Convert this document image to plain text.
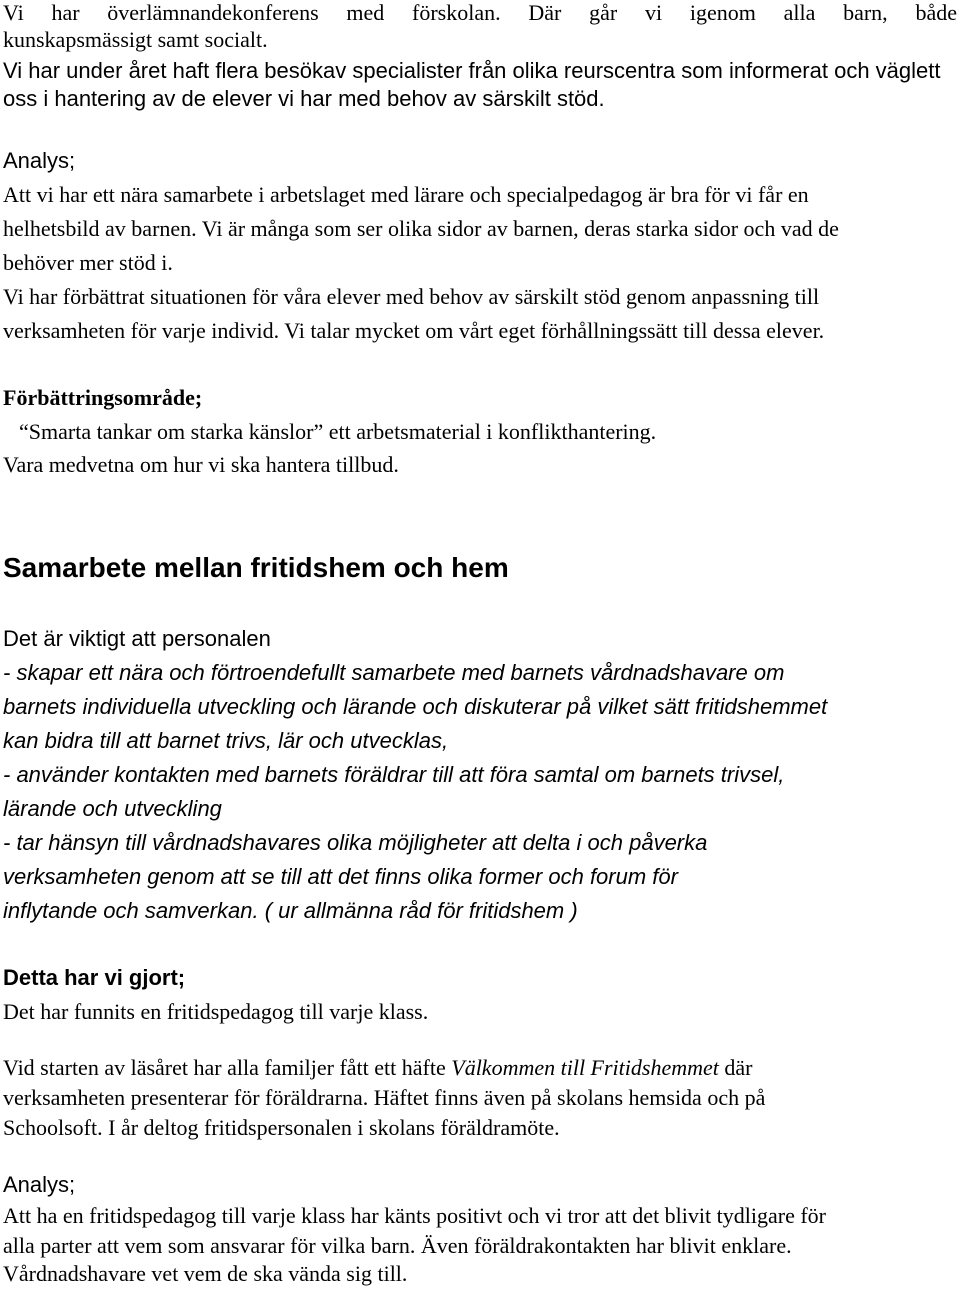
Vi har överlämnandekonferens med förskolan. Där går vi igenom alla barn, både

kunskapsmässigt samt socialt.

Vi har under året haft flera besökav specialister från olika reurscentra som informerat och väglett

oss i hantering av de elever vi har med behov av särskilt stöd.

Analys;

Att vi har ett nära samarbete i arbetslaget med lärare och specialpedagog är bra för vi får en

helhetsbild av barnen. Vi är många som ser olika sidor av barnen, deras starka sidor och vad de

behöver mer stöd i.

Vi har förbättrat situationen för våra elever med behov av särskilt stöd genom anpassning till

verksamheten för varje individ. Vi talar mycket om vårt eget förhållningssätt till dessa elever.

Förbättringsområde;

“Smarta tankar om starka känslor” ett arbetsmaterial i konflikthantering.

Vara medvetna om hur vi ska hantera tillbud.

Samarbete mellan fritidshem och hem

Det är viktigt att personalen

- skapar ett nära och förtroendefullt samarbete med barnets vårdnadshavare om

barnets individuella utveckling och lärande och diskuterar på vilket sätt fritidshemmet

kan bidra till att barnet trivs, lär och utvecklas,

- använder kontakten med barnets föräldrar till att föra samtal om barnets trivsel,

lärande och utveckling

- tar hänsyn till vårdnadshavares olika möjligheter att delta i och påverka

verksamheten genom att se till att det finns olika former och forum för

inflytande och samverkan. ( ur allmänna råd för fritidshem )

Detta har vi gjort;

Det har funnits en fritidspedagog till varje klass.

Vid starten av läsåret har alla familjer fått ett häfte Välkommen till Fritidshemmet där

verksamheten presenterar för föräldrarna. Häftet finns även på skolans hemsida och på

Schoolsoft. I år deltog fritidspersonalen i skolans föräldramöte.

Analys;

Att ha en fritidspedagog till varje klass har känts positivt och vi tror att det blivit tydligare för

alla parter att vem som ansvarar för vilka barn. Även föräldrakontakten har blivit enklare.

Vårdnadshavare vet vem de ska vända sig till.
